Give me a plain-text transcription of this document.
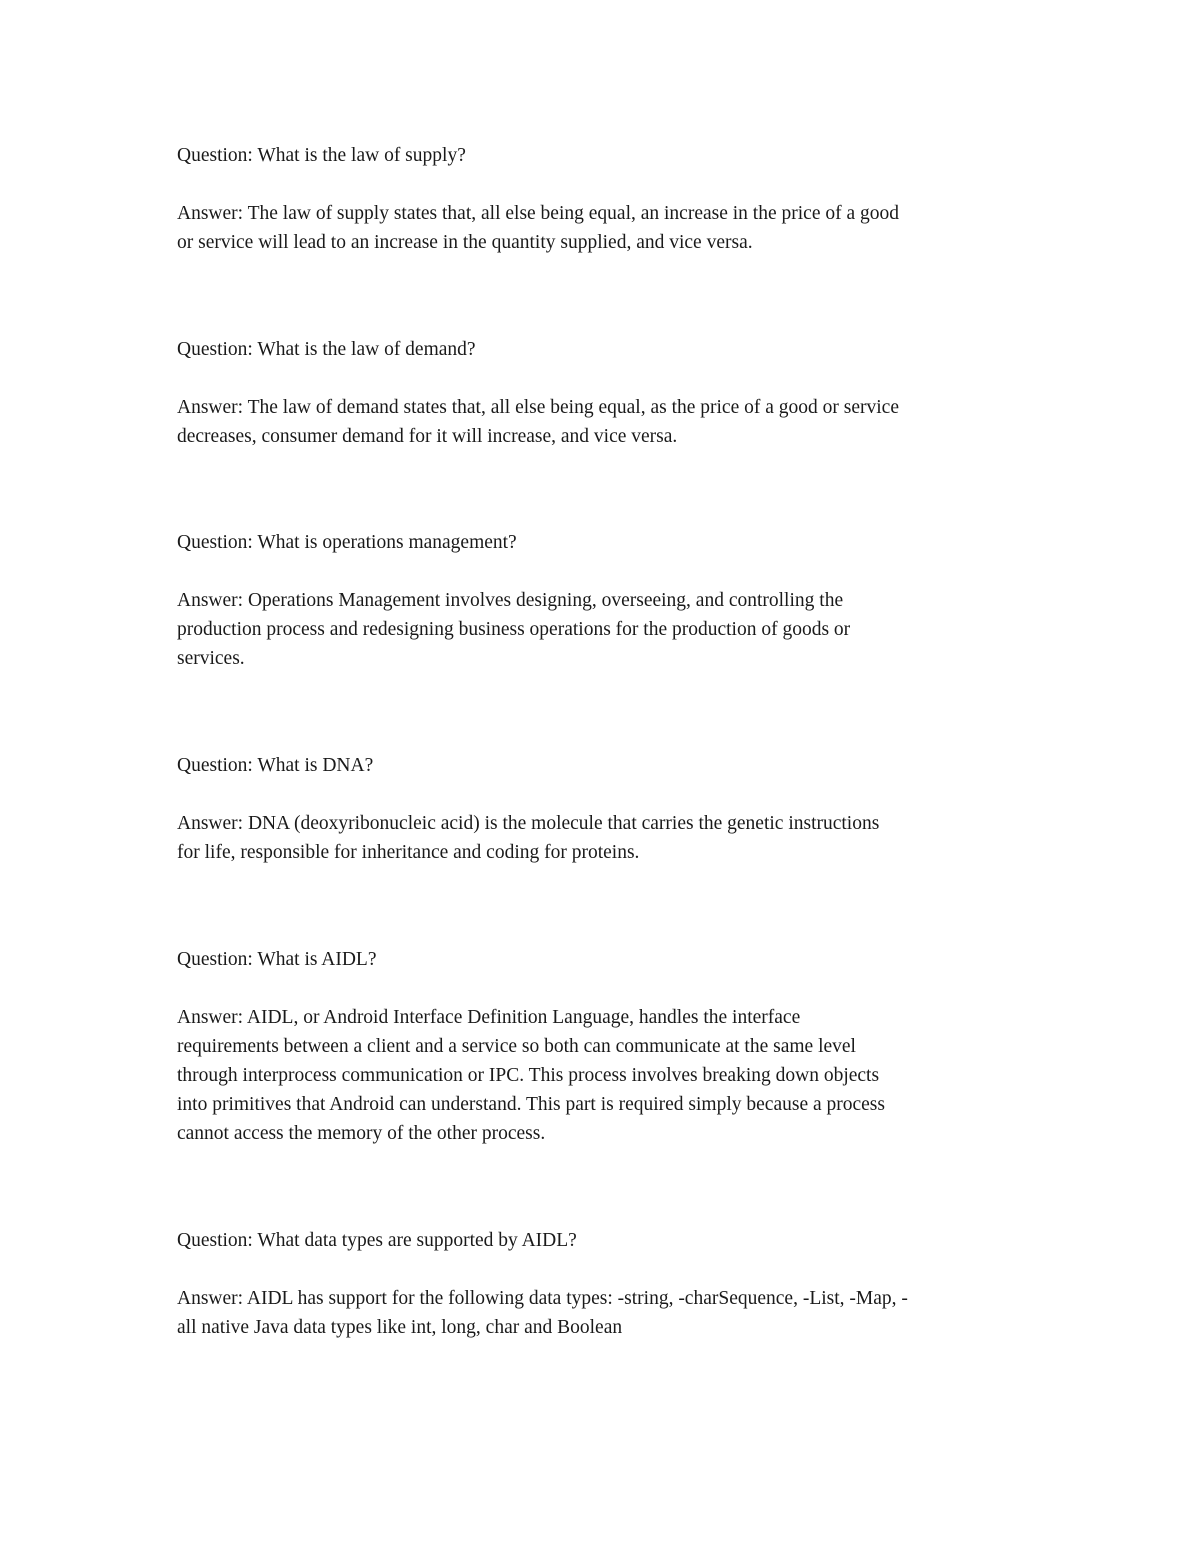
Question: What is the law of supply?
Answer: The law of supply states that, all else being equal, an increase in the price of a good
or service will lead to an increase in the quantity supplied, and vice versa.
Question: What is the law of demand?
Answer: The law of demand states that, all else being equal, as the price of a good or service
decreases, consumer demand for it will increase, and vice versa.
Question: What is operations management?
Answer: Operations Management involves designing, overseeing, and controlling the
production process and redesigning business operations for the production of goods or
services.
Question: What is DNA?
Answer: DNA (deoxyribonucleic acid) is the molecule that carries the genetic instructions
for life, responsible for inheritance and coding for proteins.
Question: What is AIDL?
Answer: AIDL, or Android Interface Definition Language, handles the interface
requirements between a client and a service so both can communicate at the same level
through interprocess communication or IPC. This process involves breaking down objects
into primitives that Android can understand. This part is required simply because a process
cannot access the memory of the other process.
Question: What data types are supported by AIDL?
Answer: AIDL has support for the following data types: -string, -charSequence, -List, -Map, -
all native Java data types like int, long, char and Boolean
